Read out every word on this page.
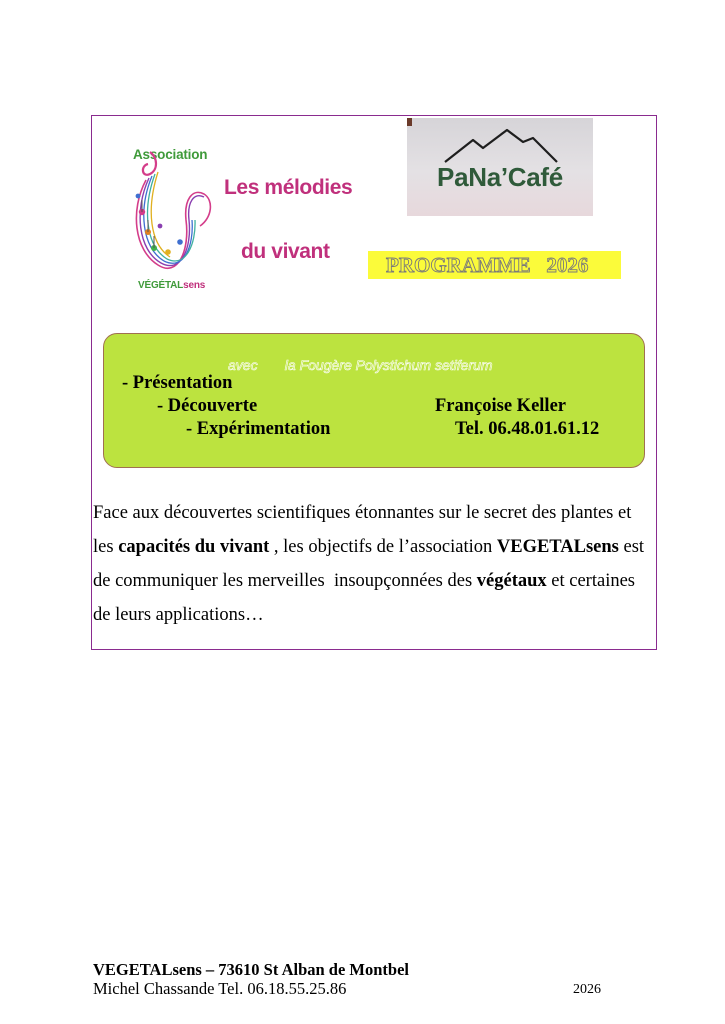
Association
VÉGÉTALsens
Les mélodies
du vivant
PaNa’Café
PROGRAMME   2026
avec       la Fougère Polystichum setiferum
- Présentation
- Découverte
- Expérimentation
Françoise Keller
Tel. 06.48.01.61.12
Face aux découvertes scientifiques étonnantes sur le secret des plantes et les capacités du vivant , les objectifs de l’association VEGETALsens est de communiquer les merveilles  insoupçonnées des végétaux et certaines de leurs applications…
VEGETALsens – 73610 St Alban de Montbel
Michel Chassande Tel. 06.18.55.25.86	2026
